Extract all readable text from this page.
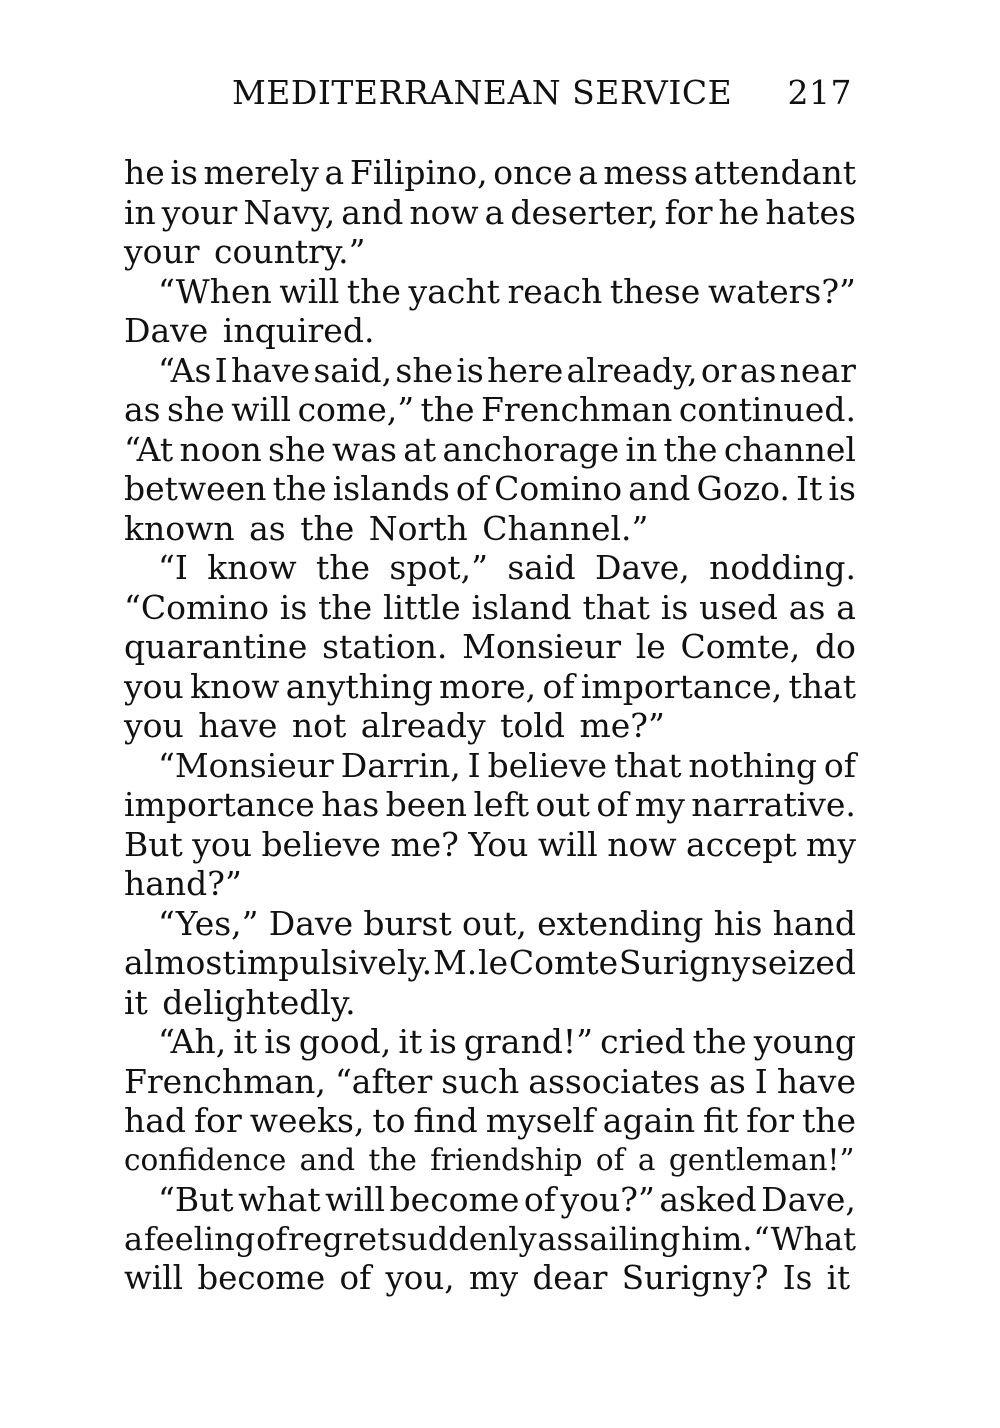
MEDITERRANEAN SERVICE 217
he is merely a Filipino, once a mess attendant
in your Navy, and now a deserter, for he hates
your country.”
“When will the yacht reach these waters?”
Dave inquired.
“As I have said, she is here already, or as near
as she will come,” the Frenchman continued.
“At noon she was at anchorage in the channel
between the islands of Comino and Gozo. It is
known as the North Channel.”
“I know the spot,” said Dave, nodding.
“Comino is the little island that is used as a
quarantine station. Monsieur le Comte, do
you know anything more, of importance, that
you have not already told me?”
“Monsieur Darrin, I believe that nothing of
importance has been left out of my narrative.
But you believe me? You will now accept my
hand?”
“Yes,” Dave burst out, extending his hand
almost impulsively. M. le Comte Surigny seized
it delightedly.
“Ah, it is good, it is grand!” cried the young
Frenchman, “after such associates as I have
had for weeks, to find myself again fit for the
confidence and the friendship of a gentleman!”
“But what will become of you?” asked Dave,
a feeling of regret suddenly assailing him. “What
will become of you, my dear Surigny? Is it
